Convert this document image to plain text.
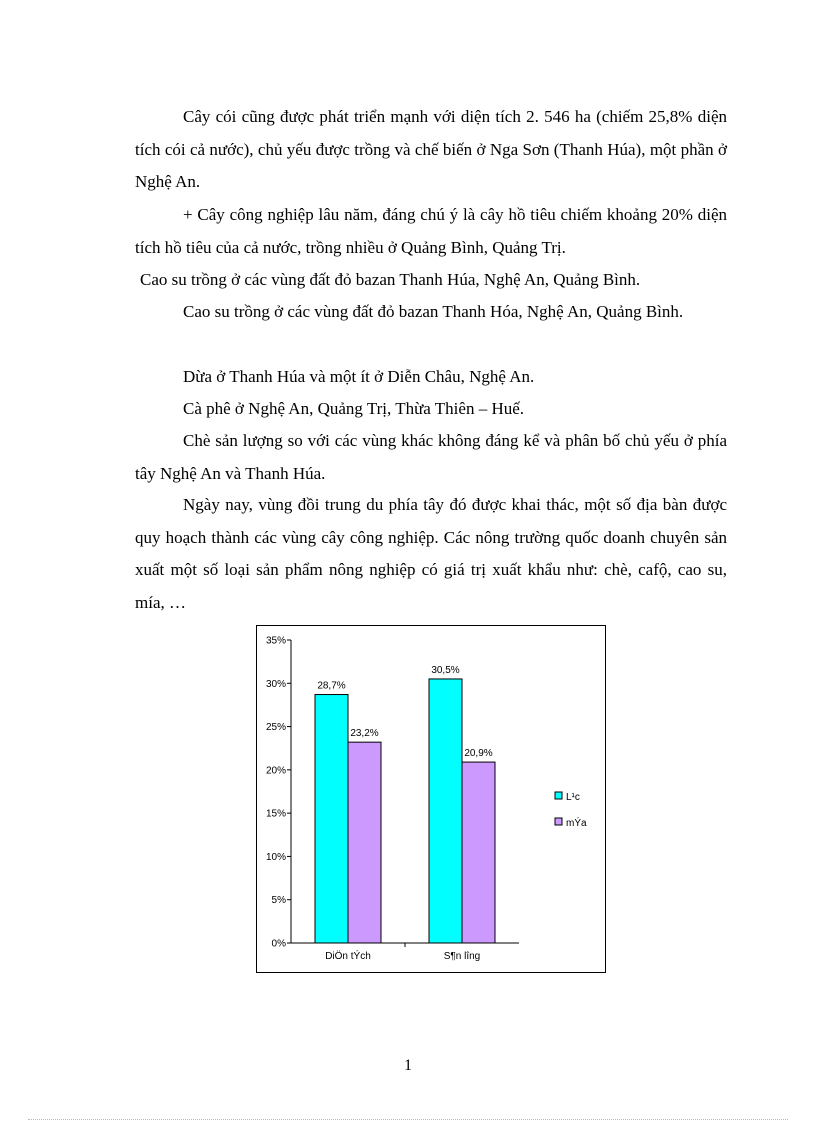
Cây cói cũng được phát triển mạnh với diện tích 2. 546 ha (chiếm 25,8% diện tích cói cả nước), chủ yếu được trồng và chế biến ở Nga Sơn (Thanh Húa), một phần ở Nghệ An.

+ Cây công nghiệp lâu năm, đáng chú ý là cây hồ tiêu chiếm khoảng 20% diện tích hồ tiêu của cả nước, trồng nhiều ở Quảng Bình, Quảng Trị.

Cao su trồng ở các vùng đất đỏ bazan Thanh Húa, Nghệ An, Quảng Bình.

Cao su trồng ở các vùng đất đỏ bazan Thanh Hóa, Nghệ An, Quảng Bình.

Dừa ở Thanh Húa và một ít ở Diễn Châu, Nghệ An.

Cà phê ở Nghệ An, Quảng Trị, Thừa Thiên – Huế.

Chè sản lượng so với các vùng khác không đáng kể và phân bố chủ yếu ở phía tây Nghệ An và Thanh Húa.

Ngày nay, vùng đồi trung du phía tây đó được khai thác, một số địa bàn được quy hoạch thành các vùng cây công nghiệp. Các nông trường quốc doanh chuyên sản xuất một số loại sản phẩm nông nghiệp có giá trị xuất khẩu như: chè, cafộ, cao su, mía, …

0%
5%
10%
15%
20%
25%
30%
35%
28,7%
23,2%
DiÖn tÝch
30,5%
20,9%
S¶n lîng
L¹c
mÝa
1
